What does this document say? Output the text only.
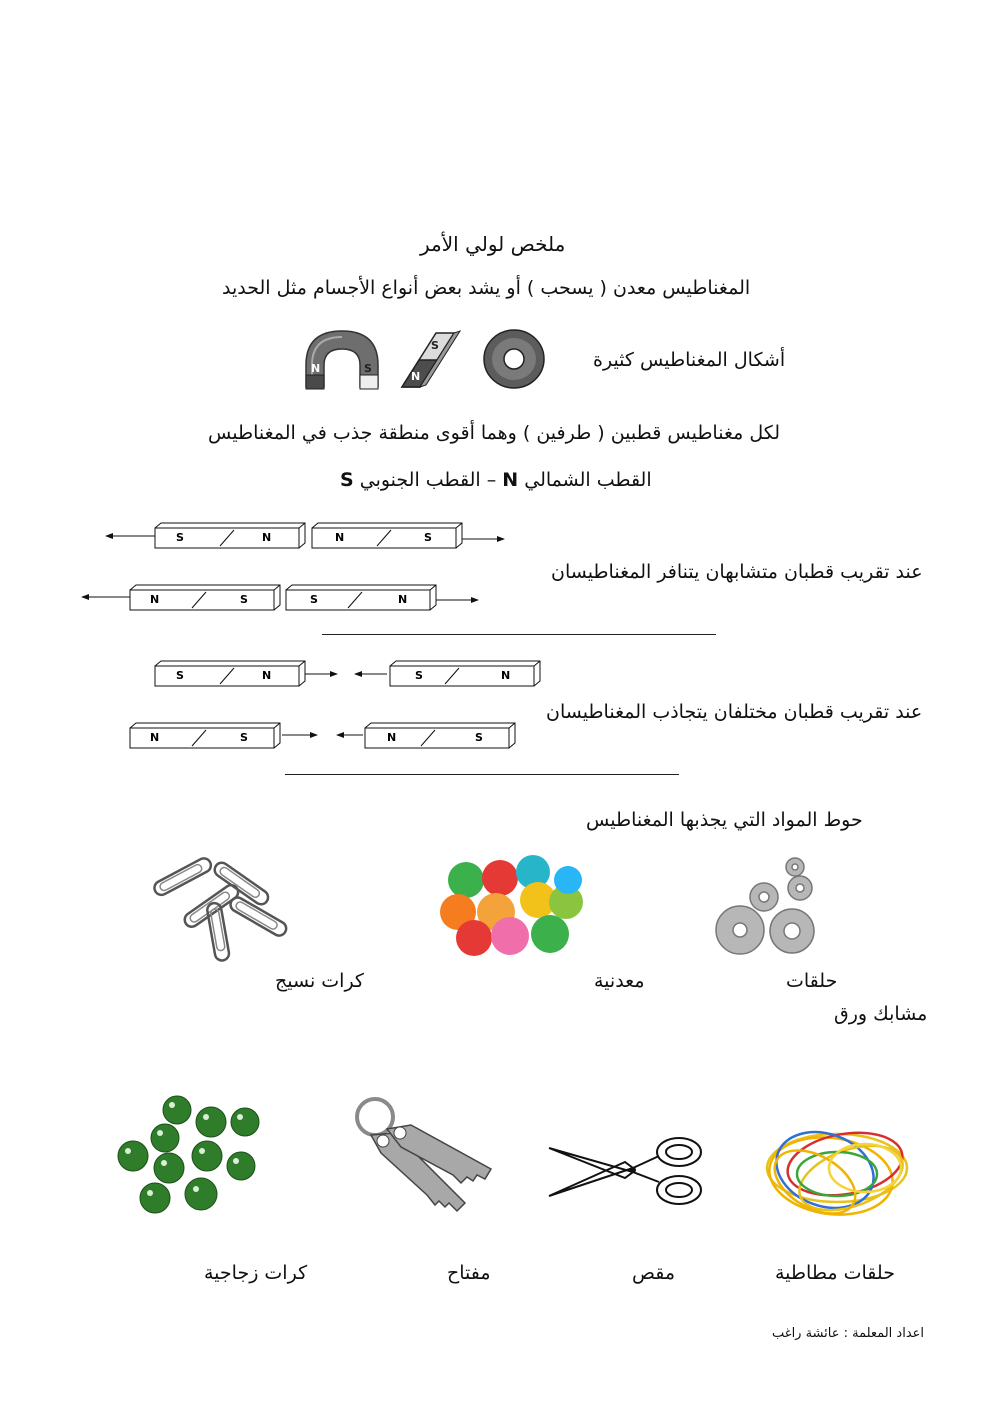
ملخص لولي الأمر
المغناطيس معدن ( يسحب ) أو يشد بعض أنواع الأجسام مثل الحديد
N	S
N
S
أشكال المغناطيس كثيرة
لكل مغناطيس قطبين ( طرفين ) وهما أقوى منطقة جذب في المغناطيس
القطب الشمالي N – القطب الجنوبي S
S	N	N	S
N	S	S	N
عند تقريب قطبان متشابهان يتنافر المغناطيسان
S	N	S	N
N	S	N	S
عند تقريب قطبان مختلفان يتجاذب المغناطيسان
حوط المواد التي يجذبها المغناطيس
حلقات
معدنية
كرات نسيج
مشابك ورق
حلقات مطاطية
مقص
مفتاح
كرات زجاجية
اعداد المعلمة : عائشة راغب
